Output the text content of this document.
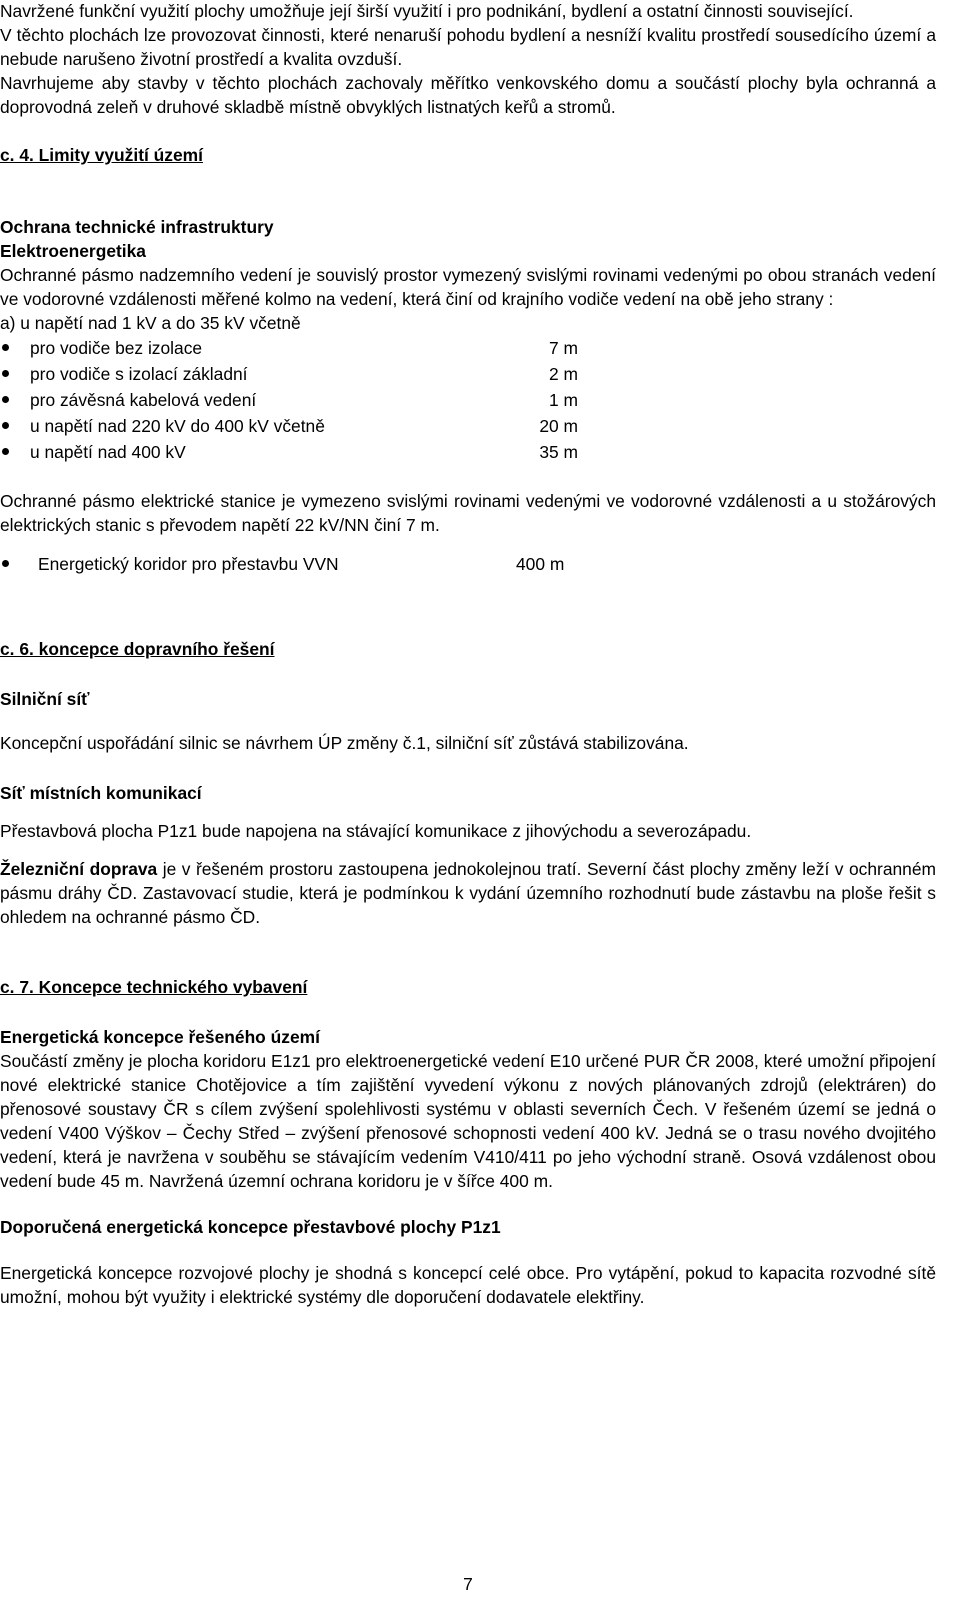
Navržené funkční využití plochy umožňuje její širší využití i pro podnikání, bydlení a ostatní činnosti související.

V těchto plochách lze provozovat činnosti, které nenaruší pohodu bydlení a nesníží kvalitu prostředí sousedícího území a nebude narušeno životní prostředí a kvalita ovzduší.

Navrhujeme aby stavby v těchto plochách zachovaly měřítko venkovského domu a součástí plochy byla ochranná a doprovodná zeleň v druhové skladbě místně obvyklých listnatých keřů a stromů.

c. 4. Limity využití území

Ochrana technické infrastruktury

Elektroenergetika

Ochranné pásmo nadzemního vedení je souvislý prostor vymezený svislými rovinami vedenými po obou stranách vedení ve vodorovné vzdálenosti měřené kolmo na vedení, která činí od krajního vodiče vedení na obě jeho strany :

a) u napětí nad 1 kV a do 35 kV včetně

pro vodiče bez izolace	7 m
pro vodiče s izolací základní	2 m
pro závěsná kabelová vedení	1 m
u napětí nad 220 kV do 400 kV včetně	20 m
u napětí nad 400 kV	35 m

Ochranné pásmo elektrické stanice je vymezeno svislými rovinami vedenými ve vodorovné vzdálenosti a u stožárových elektrických stanic s převodem napětí 22 kV/NN činí 7 m.

Energetický koridor pro přestavbu VVN	400 m

c. 6. koncepce dopravního řešení

Silniční síť

Koncepční uspořádání silnic se návrhem ÚP změny č.1, silniční síť zůstává stabilizována.

Síť místních komunikací

Přestavbová plocha P1z1 bude napojena na stávající komunikace z jihovýchodu a severozápadu.

Železniční doprava je v řešeném prostoru zastoupena jednokolejnou tratí. Severní část plochy změny leží v ochranném pásmu dráhy ČD. Zastavovací studie, která je podmínkou k vydání územního rozhodnutí bude zástavbu na ploše řešit s ohledem na ochranné pásmo ČD.

c. 7. Koncepce technického vybavení

Energetická koncepce řešeného území

Součástí změny je plocha koridoru E1z1 pro elektroenergetické vedení E10 určené PUR ČR 2008, které umožní připojení nové elektrické stanice Chotějovice a tím zajištění vyvedení výkonu z nových plánovaných zdrojů (elektráren) do přenosové soustavy ČR s cílem zvýšení spolehlivosti systému v oblasti severních Čech. V řešeném území se jedná o vedení V400 Výškov – Čechy Střed – zvýšení přenosové schopnosti vedení 400 kV. Jedná se o trasu nového dvojitého vedení, která je navržena v souběhu se stávajícím vedením V410/411 po jeho východní straně. Osová vzdálenost obou vedení bude 45 m. Navržená územní ochrana koridoru je v šířce 400 m.

Doporučená energetická koncepce přestavbové plochy P1z1

Energetická koncepce rozvojové plochy je shodná s koncepcí celé obce. Pro vytápění, pokud to kapacita rozvodné sítě umožní, mohou být využity i elektrické systémy dle doporučení dodavatele elektřiny.

7
